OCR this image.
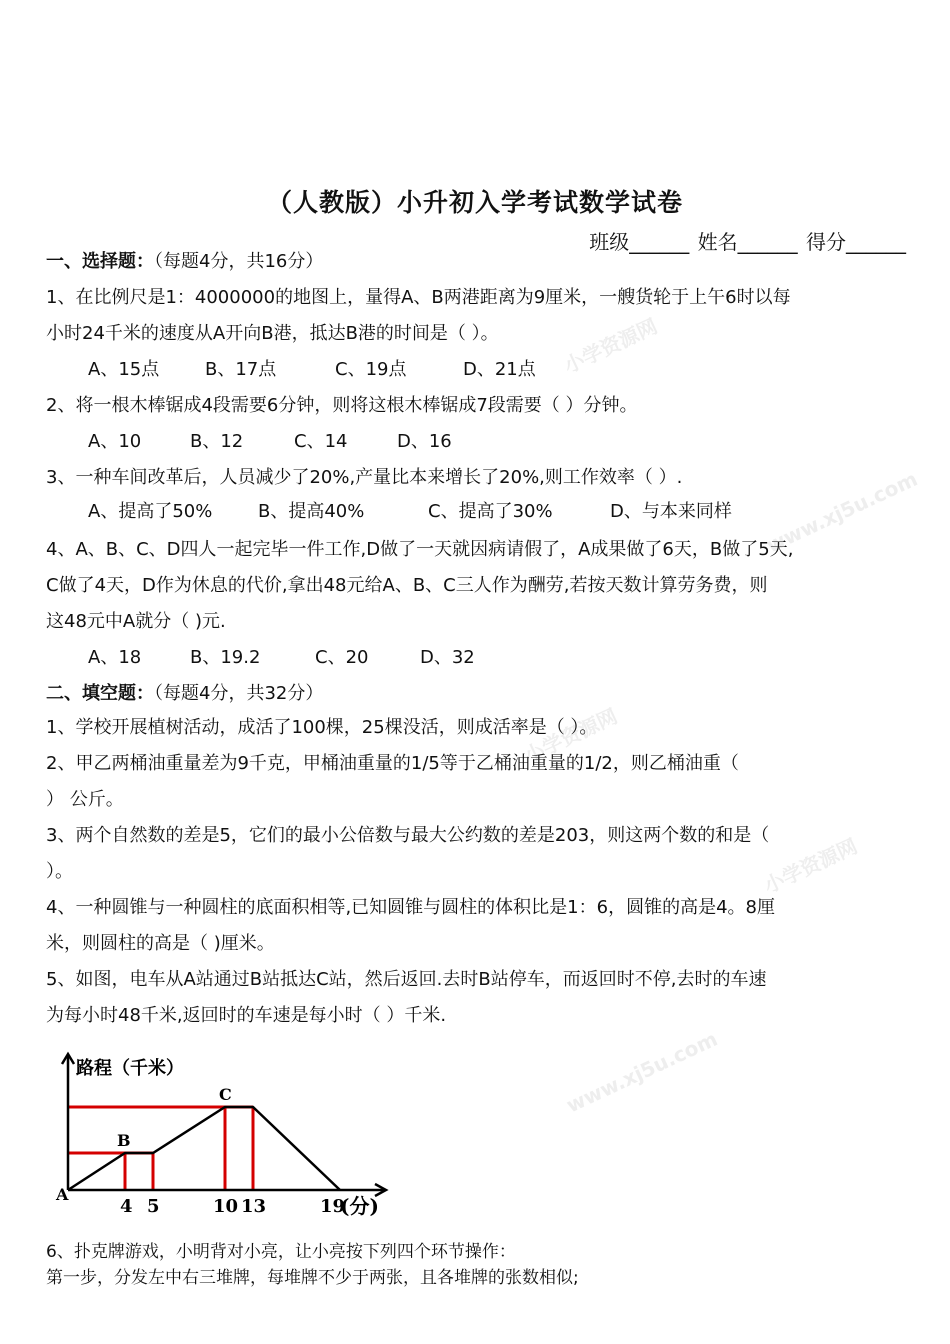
小学资源网
www.xj5u.com
小学资源网
小学资源网
www.xj5u.com
（人教版）小升初入学考试数学试卷
班级______ 姓名______ 得分______
一、选择题：（每题4分，共16分）
1、在比例尺是1：4000000的地图上，量得A、B两港距离为9厘米，一艘货轮于上午6时以每
小时24千米的速度从A开向B港，抵达B港的时间是（ ）。
A、15点	B、17点	C、19点	D、21点
2、将一根木棒锯成4段需要6分钟，则将这根木棒锯成7段需要（ ）分钟。
A、10	B、12	C、14	D、16
3、一种车间改革后，人员减少了20%,产量比本来增长了20%,则工作效率（ ）.
A、提高了50%	B、提高40%	C、提高了30%	D、与本来同样
4、A、B、C、D四人一起完毕一件工作,D做了一天就因病请假了，A成果做了6天，B做了5天,
C做了4天，D作为休息的代价,拿出48元给A、B、C三人作为酬劳,若按天数计算劳务费，则
这48元中A就分（ )元.
A、18	B、19.2	C、20	D、32
二、填空题：（每题4分，共32分）
1、学校开展植树活动，成活了100棵，25棵没活，则成活率是（ ）。
2、甲乙两桶油重量差为9千克，甲桶油重量的1/5等于乙桶油重量的1/2，则乙桶油重（
） 公斤。
3、两个自然数的差是5，它们的最小公倍数与最大公约数的差是203，则这两个数的和是（
）。
4、一种圆锥与一种圆柱的底面积相等,已知圆锥与圆柱的体积比是1：6，圆锥的高是4。8厘
米，则圆柱的高是（ )厘米。
5、如图，电车从A站通过B站抵达C站，然后返回.去时B站停车，而返回时不停,去时的车速
为每小时48千米,返回时的车速是每小时（ ）千米.
路程（千米）
A
B
C
4 5	10 13	19
(分)
6、扑克牌游戏，小明背对小亮，让小亮按下列四个环节操作：
第一步，分发左中右三堆牌，每堆牌不少于两张，且各堆牌的张数相似;
